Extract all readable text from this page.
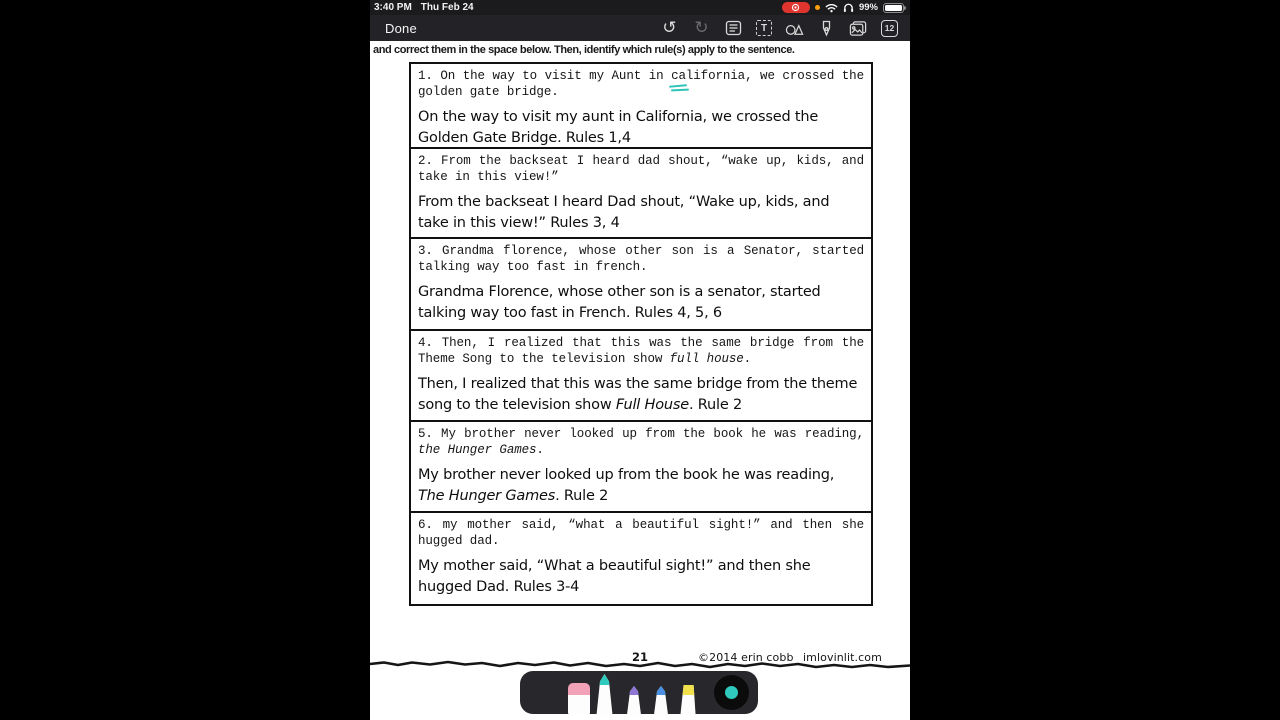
3:40 PM Thu Feb 24	99%
Done	↺ ↻	T	12
and correct them in the space below. Then, identify which rule(s) apply to the sentence.

1. On the way to visit my Aunt in california, we crossed the golden gate bridge.

On the way to visit my aunt in California, we crossed the Golden Gate Bridge. Rules 1,4

2. From the backseat I heard dad shout, “wake up, kids, and take in this view!”

From the backseat I heard Dad shout, “Wake up, kids, and take in this view!” Rules 3, 4

3. Grandma florence, whose other son is a Senator, started talking way too fast in french.

Grandma Florence, whose other son is a senator, started talking way too fast in French. Rules 4, 5, 6

4. Then, I realized that this was the same bridge from the Theme Song to the television show full house.

Then, I realized that this was the same bridge from the theme song to the television show Full House. Rule 2

5. My brother never looked up from the book he was reading, the Hunger Games.

My brother never looked up from the book he was reading, The Hunger Games. Rule 2

6. my mother said, “what a beautiful sight!” and then she hugged dad.

My mother said, “What a beautiful sight!” and then she hugged Dad. Rules 3-4

21	©2014 erin cobb imlovinlit.com
